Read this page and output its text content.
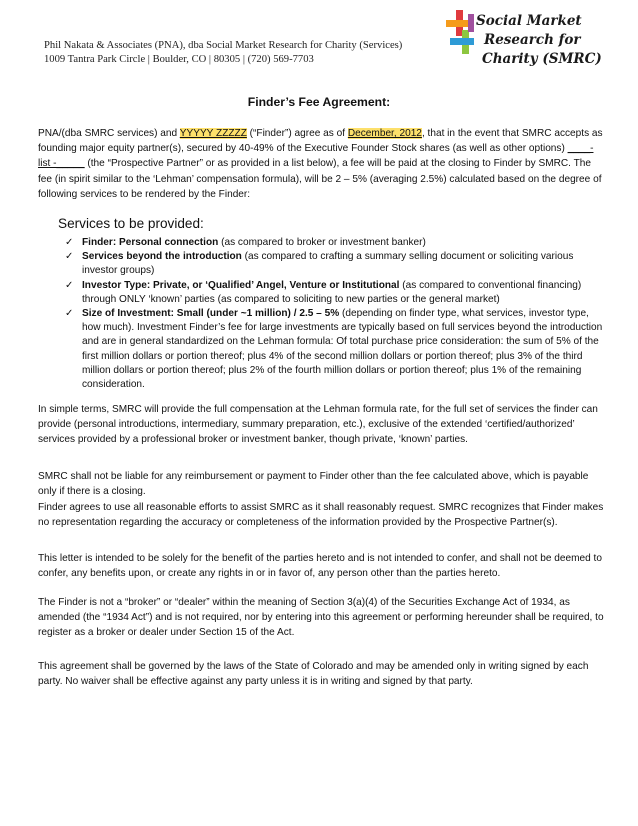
Phil Nakata & Associates (PNA), dba Social Market Research for Charity (Services)
1009 Tantra Park Circle | Boulder, CO | 80305 | (720) 569-7703
Social Market
Research for
Charity (SMRC)
Finder’s Fee Agreement:

PNA/(dba SMRC services) and YYYYY ZZZZZ (“Finder”) agree as of December, 2012, that in the event that SMRC accepts as founding major equity partner(s), secured by 40-49% of the Executive Founder Stock shares (as well as other options) ____- list -_____ (the “Prospective Partner” or as provided in a list below), a fee will be paid at the closing to Finder by SMRC. The fee (in spirit similar to the ‘Lehman’ compensation formula), will be 2 – 5% (averaging 2.5%) calculated based on the degree of following services to be rendered by the Finder:

Services to be provided:
✓ Finder: Personal connection (as compared to broker or investment banker)
✓ Services beyond the introduction (as compared to crafting a summary selling document or soliciting various investor groups)
✓ Investor Type: Private, or ‘Qualified’ Angel, Venture or Institutional (as compared to conventional financing) through ONLY ‘known’ parties (as compared to soliciting to new parties or the general market)
✓ Size of Investment: Small (under ~1 million) / 2.5 – 5% (depending on finder type, what services, investor type, how much). Investment Finder’s fee for large investments are typically based on full services beyond the introduction and are in general standardized on the Lehman formula: Of total purchase price consideration: the sum of 5% of the first million dollars or portion thereof; plus 4% of the second million dollars or portion thereof; plus 3% of the third million dollars or portion thereof; plus 2% of the fourth million dollars or portion thereof; plus 1% of the remaining consideration.
In simple terms, SMRC will provide the full compensation at the Lehman formula rate, for the full set of services the finder can provide (personal introductions, intermediary, summary preparation, etc.), exclusive of the extended ‘certified/authorized’ services provided by a professional broker or investment banker, though private, ‘known’ parties.
SMRC shall not be liable for any reimbursement or payment to Finder other than the fee calculated above, which is payable only if there is a closing.
Finder agrees to use all reasonable efforts to assist SMRC as it shall reasonably request. SMRC recognizes that Finder makes no representation regarding the accuracy or completeness of the information provided by the Prospective Partner(s).
This letter is intended to be solely for the benefit of the parties hereto and is not intended to confer, and shall not be deemed to confer, any benefits upon, or create any rights in or in favor of, any person other than the parties hereto.
The Finder is not a “broker” or “dealer” within the meaning of Section 3(a)(4) of the Securities Exchange Act of 1934, as amended (the “1934 Act”) and is not required, nor by entering into this agreement or performing hereunder shall be required, to register as a broker or dealer under Section 15 of the Act.
This agreement shall be governed by the laws of the State of Colorado and may be amended only in writing signed by each party. No waiver shall be effective against any party unless it is in writing and signed by that party.
